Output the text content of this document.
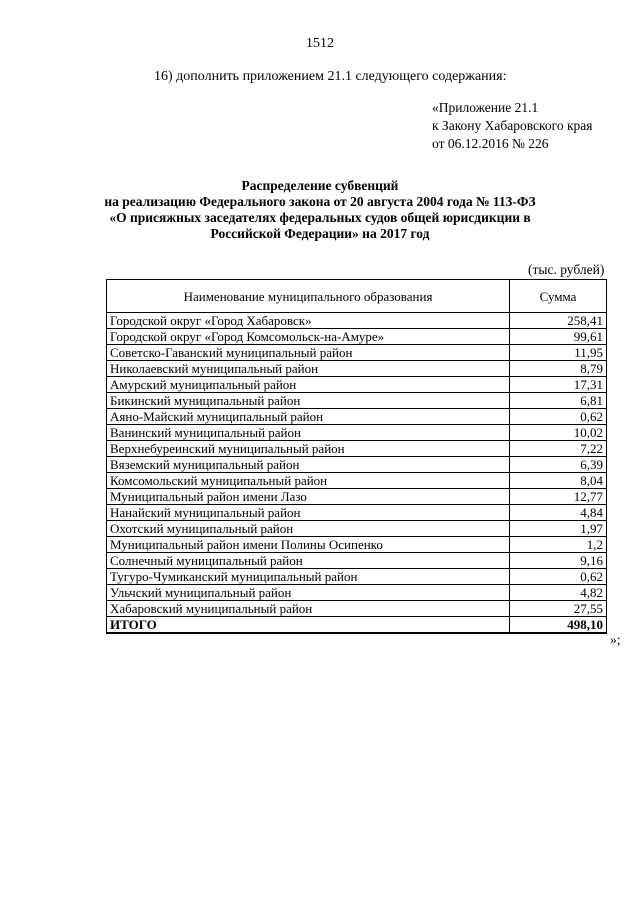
1512
16) дополнить приложением 21.1 следующего содержания:
«Приложение 21.1
к Закону Хабаровского края
от 06.12.2016 № 226
Распределение субвенций
на реализацию Федерального закона от 20 августа 2004 года № 113-ФЗ
«О присяжных заседателях федеральных судов общей юрисдикции в
Российской Федерации» на 2017 год
(тыс. рублей)
Наименование муниципального образования	Сумма
Городской округ «Город Хабаровск»	258,41
Городской округ «Город Комсомольск-на-Амуре»	99,61
Советско-Гаванский муниципальный район	11,95
Николаевский муниципальный район	8,79
Амурский муниципальный район	17,31
Бикинский муниципальный район	6,81
Аяно-Майский муниципальный район	0,62
Ванинский муниципальный район	10,02
Верхнебуреинский муниципальный район	7,22
Вяземский муниципальный район	6,39
Комсомольский муниципальный район	8,04
Муниципальный район имени Лазо	12,77
Нанайский муниципальный район	4,84
Охотский муниципальный район	1,97
Муниципальный район имени Полины Осипенко	1,2
Солнечный муниципальный район	9,16
Тугуро-Чумиканский муниципальный район	0,62
Ульчский муниципальный район	4,82
Хабаровский муниципальный район	27,55
ИТОГО	498,10
»;
